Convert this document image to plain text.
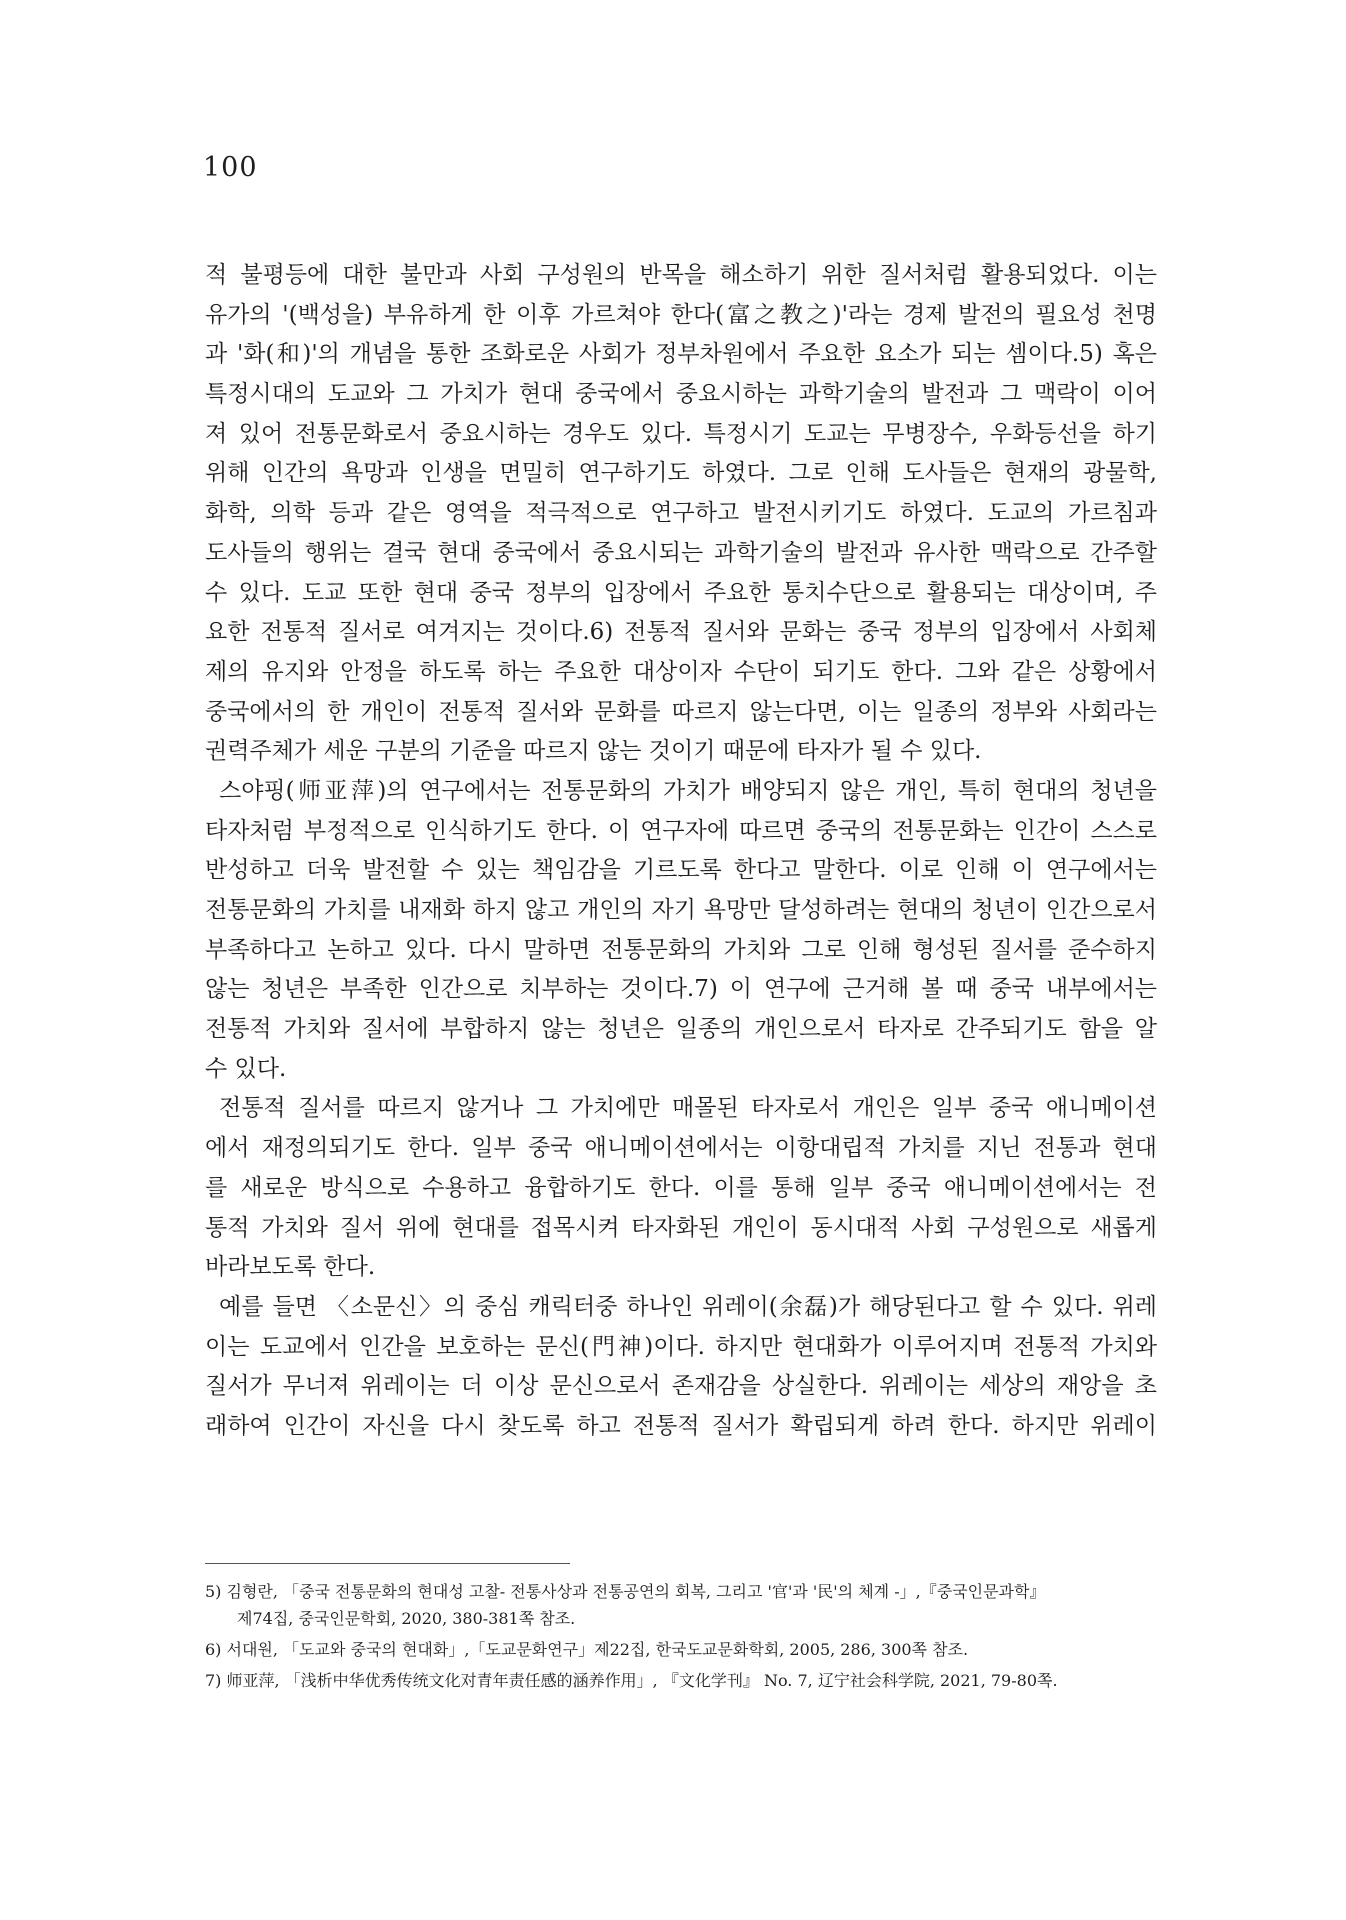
100
적 불평등에 대한 불만과 사회 구성원의 반목을 해소하기 위한 질서처럼 활용되었다. 이는
유가의 '(백성을) 부유하게 한 이후 가르쳐야 한다(富之教之)'라는 경제 발전의 필요성 천명
과 '화(和)'의 개념을 통한 조화로운 사회가 정부차원에서 주요한 요소가 되는 셈이다.5) 혹은
특정시대의 도교와 그 가치가 현대 중국에서 중요시하는 과학기술의 발전과 그 맥락이 이어
져 있어 전통문화로서 중요시하는 경우도 있다. 특정시기 도교는 무병장수, 우화등선을 하기
위해 인간의 욕망과 인생을 면밀히 연구하기도 하였다. 그로 인해 도사들은 현재의 광물학,
화학, 의학 등과 같은 영역을 적극적으로 연구하고 발전시키기도 하였다. 도교의 가르침과
도사들의 행위는 결국 현대 중국에서 중요시되는 과학기술의 발전과 유사한 맥락으로 간주할
수 있다. 도교 또한 현대 중국 정부의 입장에서 주요한 통치수단으로 활용되는 대상이며, 주
요한 전통적 질서로 여겨지는 것이다.6) 전통적 질서와 문화는 중국 정부의 입장에서 사회체
제의 유지와 안정을 하도록 하는 주요한 대상이자 수단이 되기도 한다. 그와 같은 상황에서
중국에서의 한 개인이 전통적 질서와 문화를 따르지 않는다면, 이는 일종의 정부와 사회라는
권력주체가 세운 구분의 기준을 따르지 않는 것이기 때문에 타자가 될 수 있다.
스야핑(师亚萍)의 연구에서는 전통문화의 가치가 배양되지 않은 개인, 특히 현대의 청년을
타자처럼 부정적으로 인식하기도 한다. 이 연구자에 따르면 중국의 전통문화는 인간이 스스로
반성하고 더욱 발전할 수 있는 책임감을 기르도록 한다고 말한다. 이로 인해 이 연구에서는
전통문화의 가치를 내재화 하지 않고 개인의 자기 욕망만 달성하려는 현대의 청년이 인간으로서
부족하다고 논하고 있다. 다시 말하면 전통문화의 가치와 그로 인해 형성된 질서를 준수하지
않는 청년은 부족한 인간으로 치부하는 것이다.7) 이 연구에 근거해 볼 때 중국 내부에서는
전통적 가치와 질서에 부합하지 않는 청년은 일종의 개인으로서 타자로 간주되기도 함을 알
수 있다.
전통적 질서를 따르지 않거나 그 가치에만 매몰된 타자로서 개인은 일부 중국 애니메이션
에서 재정의되기도 한다. 일부 중국 애니메이션에서는 이항대립적 가치를 지닌 전통과 현대
를 새로운 방식으로 수용하고 융합하기도 한다. 이를 통해 일부 중국 애니메이션에서는 전
통적 가치와 질서 위에 현대를 접목시켜 타자화된 개인이 동시대적 사회 구성원으로 새롭게
바라보도록 한다.
예를 들면 〈소문신〉의 중심 캐릭터중 하나인 위레이(余磊)가 해당된다고 할 수 있다. 위레
이는 도교에서 인간을 보호하는 문신(門神)이다. 하지만 현대화가 이루어지며 전통적 가치와
질서가 무너져 위레이는 더 이상 문신으로서 존재감을 상실한다. 위레이는 세상의 재앙을 초
래하여 인간이 자신을 다시 찾도록 하고 전통적 질서가 확립되게 하려 한다. 하지만 위레이
5) 김형란, 「중국 전통문화의 현대성 고찰- 전통사상과 전통공연의 회복, 그리고 '官'과 '民'의 체계 -」,『중국인문과학』
제74집, 중국인문학회, 2020, 380-381쪽 참조.
6) 서대원, 「도교와 중국의 현대화」,「도교문화연구」제22집, 한국도교문화학회, 2005, 286, 300쪽 참조.
7) 师亚萍, 「浅析中华优秀传统文化对青年责任感的涵养作用」, 『文化学刊』 No. 7, 辽宁社会科学院, 2021, 79-80쪽.
